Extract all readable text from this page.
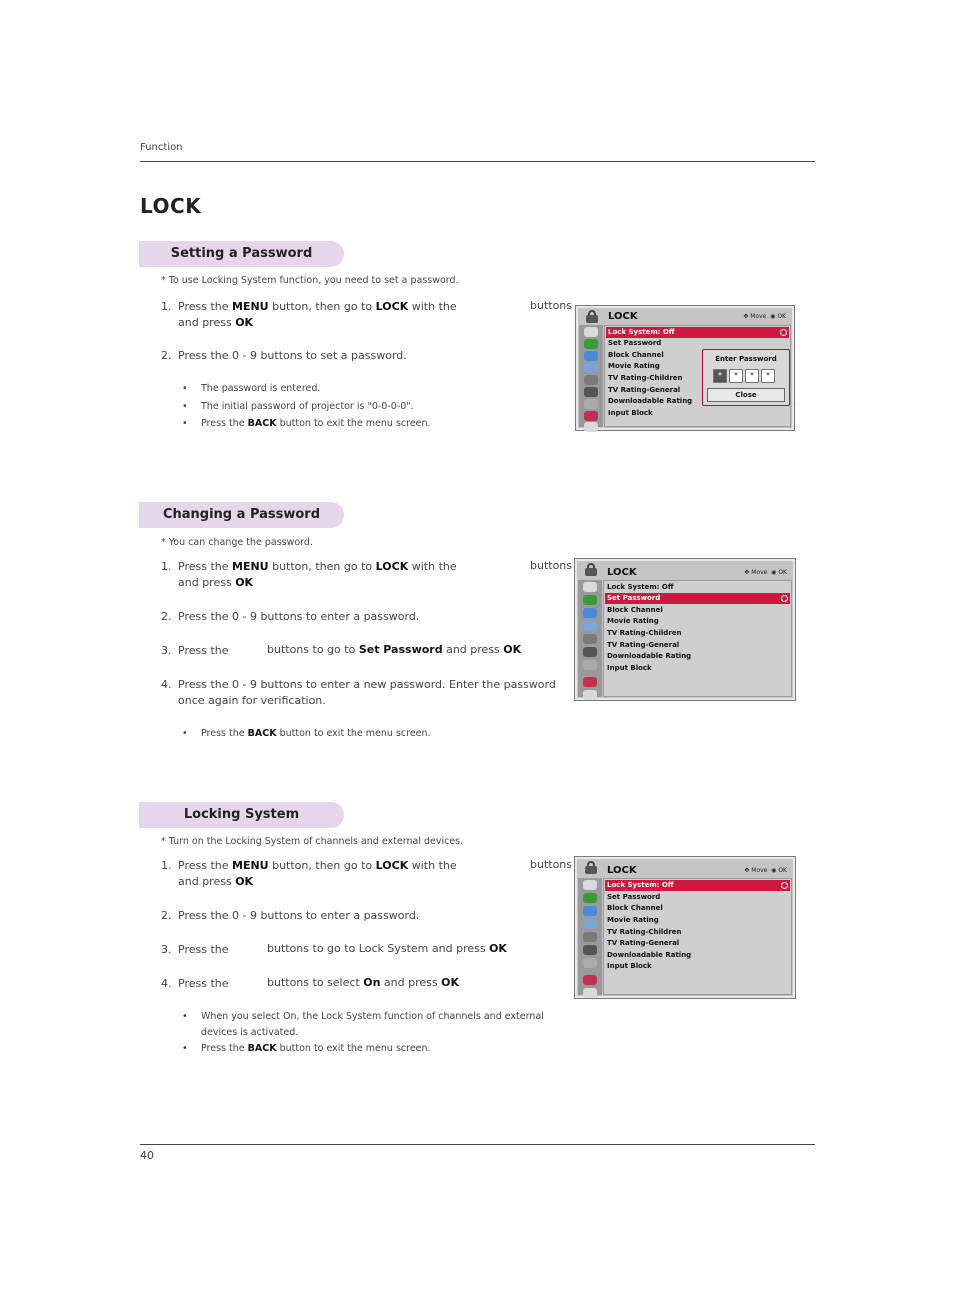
Function
LOCK
Setting a Password
* To use Locking System function, you need to set a password.
1. Press the MENU button, then go to LOCK with the
and press OK
buttons
2. Press the 0 - 9 buttons to set a password.
• The password is entered.
• The initial password of projector is "0-0-0-0".
• Press the BACK button to exit the menu screen.
LOCK	✥ Move  ◉ OK
Lock System: Off
Set Password
Block Channel
Movie Rating
TV Rating-Children
TV Rating-General
Downloadable Rating
Input Block
Enter Password
*	*	*	*
Close
Changing a Password
* You can change the password.
1. Press the MENU button, then go to LOCK with the
and press OK
buttons
2. Press the 0 - 9 buttons to enter a password.
3. Press the	buttons to go to Set Password and press OK
4. Press the 0 - 9 buttons to enter a new password. Enter the password once again for verification.
• Press the BACK button to exit the menu screen.
LOCK	✥ Move  ◉ OK
Lock System: Off
Set Password
Block Channel
Movie Rating
TV Rating-Children
TV Rating-General
Downloadable Rating
Input Block
Locking System
* Turn on the Locking System of channels and external devices.
1. Press the MENU button, then go to LOCK with the
and press OK
buttons
2. Press the 0 - 9 buttons to enter a password.
3. Press the	buttons to go to Lock System and press OK
4. Press the	buttons to select On and press OK
• When you select On, the Lock System function of channels and external devices is activated.
• Press the BACK button to exit the menu screen.
LOCK	✥ Move  ◉ OK
Lock System: Off
Set Password
Block Channel
Movie Rating
TV Rating-Children
TV Rating-General
Downloadable Rating
Input Block
40
